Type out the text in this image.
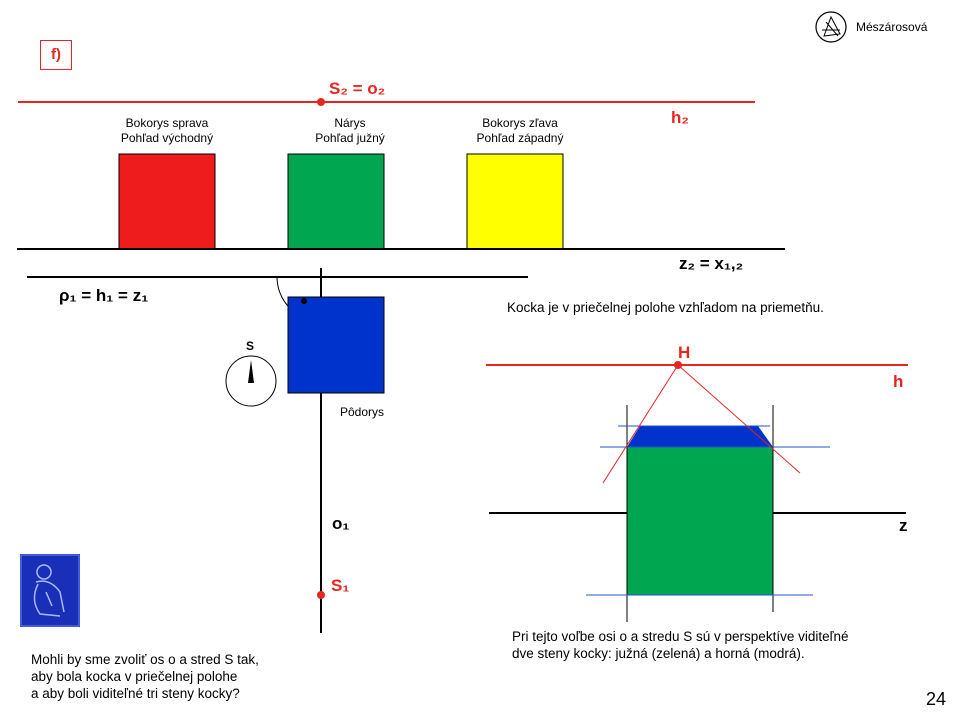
Mészárosová
f)
S₂ = o₂
h₂
Bokorys sprava
Pohľad východný
Nárys
Pohľad južný
Bokorys zľava
Pohľad západný
z₂ = x₁,₂
ρ₁ = h₁ = z₁
S
Pôdorys
o₁
S₁
Kocka je v priečelnej polohe vzhľadom na priemetňu.
H
h
z
Pri tejto voľbe osi o a stredu S sú v perspektíve viditeľné
dve steny kocky: južná (zelená) a horná (modrá).
Mohli by sme zvoliť os o a stred S tak,
aby bola kocka v priečelnej polohe
a aby boli viditeľné tri steny kocky?	24
